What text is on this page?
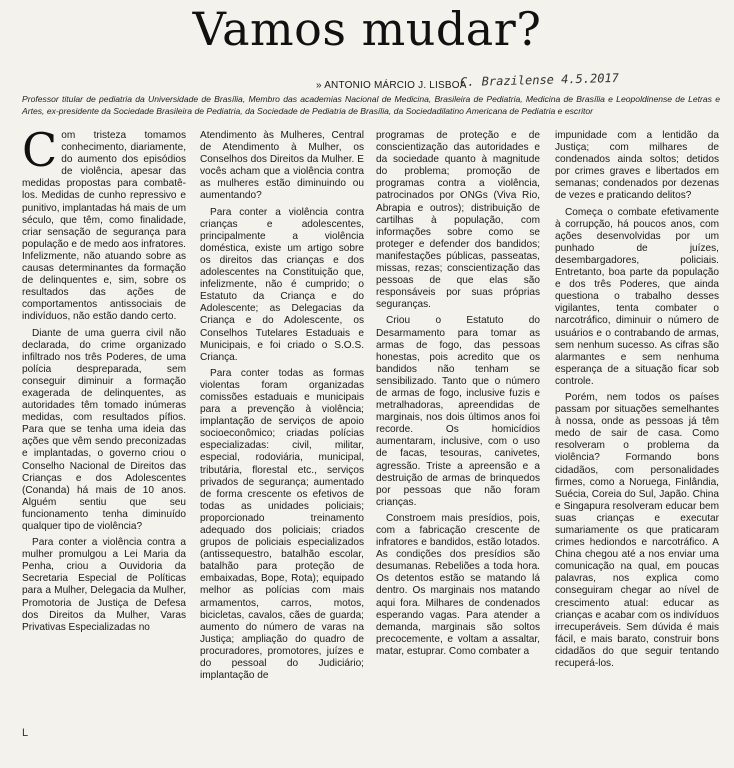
Vamos mudar?
» ANTONIO MÁRCIO J. LISBOA
C. Brazilense 4.5.2017
Professor titular de pediatria da Universidade de Brasília, Membro das academias Nacional de Medicina, Brasileira de Pediatria, Medicina de Brasília e Leopoldinense de Letras e Artes, ex-presidente da Sociedade Brasileira de Pediatria, da Sociedade de Pediatria de Brasília, da Sociedadilatino Americana de Pediatria e escritor

Com tristeza tomamos conhecimento, diariamente, do aumento dos episódios de violência, apesar das medidas propostas para combatê-los. Medidas de cunho repressivo e punitivo, implantadas há mais de um século, que têm, como finalidade, criar sensação de segurança para população e de medo aos infratores. Infelizmente, não atuando sobre as causas determinantes da formação de delinquentes e, sim, sobre os resultados das ações de comportamentos antissociais de indivíduos, não estão dando certo.

Diante de uma guerra civil não declarada, do crime organizado infiltrado nos três Poderes, de uma polícia despreparada, sem conseguir diminuir a formação exagerada de delinquentes, as autoridades têm tomado inúmeras medidas, com resultados pífios. Para que se tenha uma ideia das ações que vêm sendo preconizadas e implantadas, o governo criou o Conselho Nacional de Direitos das Crianças e dos Adolescentes (Conanda) há mais de 10 anos. Alguém sentiu que seu funcionamento tenha diminuído qualquer tipo de violência?

Para conter a violência contra a mulher promulgou a Lei Maria da Penha, criou a Ouvidoria da Secretaria Especial de Políticas para a Mulher, Delegacia da Mulher, Promotoria de Justiça de Defesa dos Direitos da Mulher, Varas Privativas Especializadas no

Atendimento às Mulheres, Central de Atendimento à Mulher, os Conselhos dos Direitos da Mulher. E vocês acham que a violência contra as mulheres estão diminuindo ou aumentando?

Para conter a violência contra crianças e adolescentes, principalmente a violência doméstica, existe um artigo sobre os direitos das crianças e dos adolescentes na Constituição que, infelizmente, não é cumprido; o Estatuto da Criança e do Adolescente; as Delegacias da Criança e do Adolescente, os Conselhos Tutelares Estaduais e Municipais, e foi criado o S.O.S. Criança.

Para conter todas as formas violentas foram organizadas comissões estaduais e municipais para a prevenção à violência; implantação de serviços de apoio socioeconômico; criadas polícias especializadas: civil, militar, especial, rodoviária, municipal, tributária, florestal etc., serviços privados de segurança; aumentado de forma crescente os efetivos de todas as unidades policiais; proporcionado treinamento adequado dos policiais; criados grupos de policiais especializados (antissequestro, batalhão escolar, batalhão para proteção de embaixadas, Bope, Rota); equipado melhor as polícias com mais armamentos, carros, motos, bicicletas, cavalos, cães de guarda; aumento do número de varas na Justiça; ampliação do quadro de procuradores, promotores, juízes e do pessoal do Judiciário; implantação de

programas de proteção e de conscientização das autoridades e da sociedade quanto à magnitude do problema; promoção de programas contra a violência, patrocinados por ONGs (Viva Rio, Abrapia e outros); distribuição de cartilhas à população, com informações sobre como se proteger e defender dos bandidos; manifestações públicas, passeatas, missas, rezas; conscientização das pessoas de que elas são responsáveis por suas próprias seguranças.

Criou o Estatuto do Desarmamento para tomar as armas de fogo, das pessoas honestas, pois acredito que os bandidos não tenham se sensibilizado. Tanto que o número de armas de fogo, inclusive fuzis e metralhadoras, apreendidas de marginais, nos dois últimos anos foi recorde. Os homicídios aumentaram, inclusive, com o uso de facas, tesouras, canivetes, agressão. Triste a apreensão e a destruição de armas de brinquedos por pessoas que não foram crianças.

Constroem mais presídios, pois, com a fabricação crescente de infratores e bandidos, estão lotados. As condições dos presídios são desumanas. Rebeliões a toda hora. Os detentos estão se matando lá dentro. Os marginais nos matando aqui fora. Milhares de condenados esperando vagas. Para atender a demanda, marginais são soltos precocemente, e voltam a assaltar, matar, estuprar. Como combater a

impunidade com a lentidão da Justiça; com milhares de condenados ainda soltos; detidos por crimes graves e libertados em semanas; condenados por dezenas de vezes e praticando delitos?

Começa o combate efetivamente à corrupção, há poucos anos, com ações desenvolvidas por um punhado de juízes, desembargadores, policiais. Entretanto, boa parte da população e dos três Poderes, que ainda questiona o trabalho desses vigilantes, tenta combater o narcotráfico, diminuir o número de usuários e o contrabando de armas, sem nenhum sucesso. As cifras são alarmantes e sem nenhuma esperança de a situação ficar sob controle.

Porém, nem todos os países passam por situações semelhantes à nossa, onde as pessoas já têm medo de sair de casa. Como resolveram o problema da violência? Formando bons cidadãos, com personalidades firmes, como a Noruega, Finlândia, Suécia, Coreia do Sul, Japão. China e Singapura resolveram educar bem suas crianças e executar sumariamente os que praticaram crimes hediondos e narcotráfico. A China chegou até a nos enviar uma comunicação na qual, em poucas palavras, nos explica como conseguiram chegar ao nível de crescimento atual: educar as crianças e acabar com os indivíduos irrecuperáveis. Sem dúvida é mais fácil, e mais barato, construir bons cidadãos do que seguir tentando recuperá-los.

L
